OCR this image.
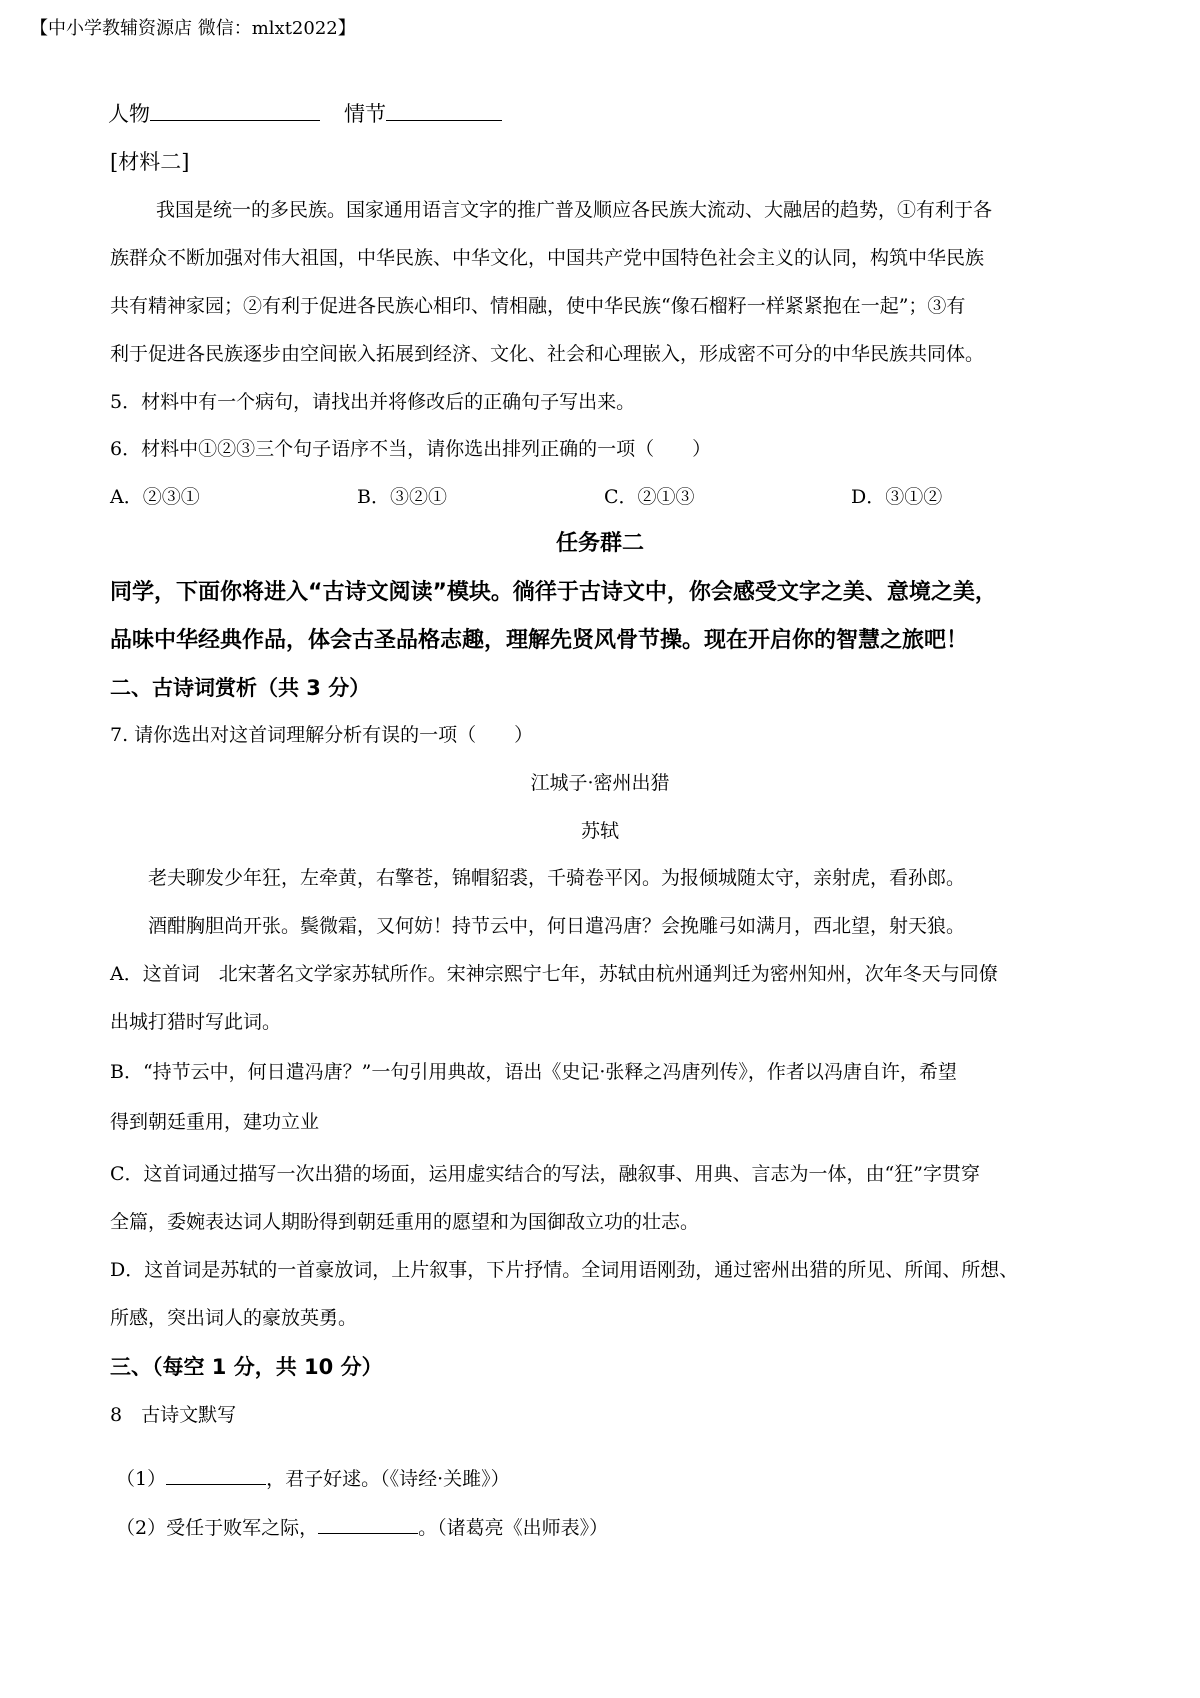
【中小学教辅资源店 微信：mlxt2022】
人物	情节
[材料二]
我国是统一的多民族。国家通用语言文字的推广普及顺应各民族大流动、大融居的趋势，①有利于各
族群众不断加强对伟大祖国，中华民族、中华文化，中国共产党中国特色社会主义的认同，构筑中华民族
共有精神家园；②有利于促进各民族心相印、情相融，使中华民族“像石榴籽一样紧紧抱在一起”；③有
利于促进各民族逐步由空间嵌入拓展到经济、文化、社会和心理嵌入，形成密不可分的中华民族共同体。
5．材料中有一个病句，请找出并将修改后的正确句子写出来。
6．材料中①②③三个句子语序不当，请你选出排列正确的一项（　　）
A．②③①	B．③②①	C．②①③	D．③①②
任务群二
同学，下面你将进入“古诗文阅读”模块。徜徉于古诗文中，你会感受文字之美、意境之美，
品味中华经典作品，体会古圣品格志趣，理解先贤风骨节操。现在开启你的智慧之旅吧！
二、古诗词赏析（共 3 分）
7. 请你选出对这首词理解分析有误的一项（　　）
江城子·密州出猎
苏轼
老夫聊发少年狂，左牵黄，右擎苍，锦帽貂裘，千骑卷平冈。为报倾城随太守，亲射虎，看孙郎。
酒酣胸胆尚开张。鬓微霜，又何妨！持节云中，何日遣冯唐？会挽雕弓如满月，西北望，射天狼。
A．这首词　北宋著名文学家苏轼所作。宋神宗熙宁七年，苏轼由杭州通判迁为密州知州，次年冬天与同僚
出城打猎时写此词。
B．“持节云中，何日遣冯唐？”一句引用典故，语出《史记·张释之冯唐列传》，作者以冯唐自许，希望
得到朝廷重用，建功立业
C．这首词通过描写一次出猎的场面，运用虚实结合的写法，融叙事、用典、言志为一体，由“狂”字贯穿
全篇，委婉表达词人期盼得到朝廷重用的愿望和为国御敌立功的壮志。
D．这首词是苏轼的一首豪放词，上片叙事，下片抒情。全词用语刚劲，通过密州出猎的所见、所闻、所想、
所感，突出词人的豪放英勇。
三、（每空 1 分，共 10 分）
8　古诗文默写
（1）	，君子好逑。（《诗经·关雎》）
（2）受任于败军之际，	。（诸葛亮《出师表》）
